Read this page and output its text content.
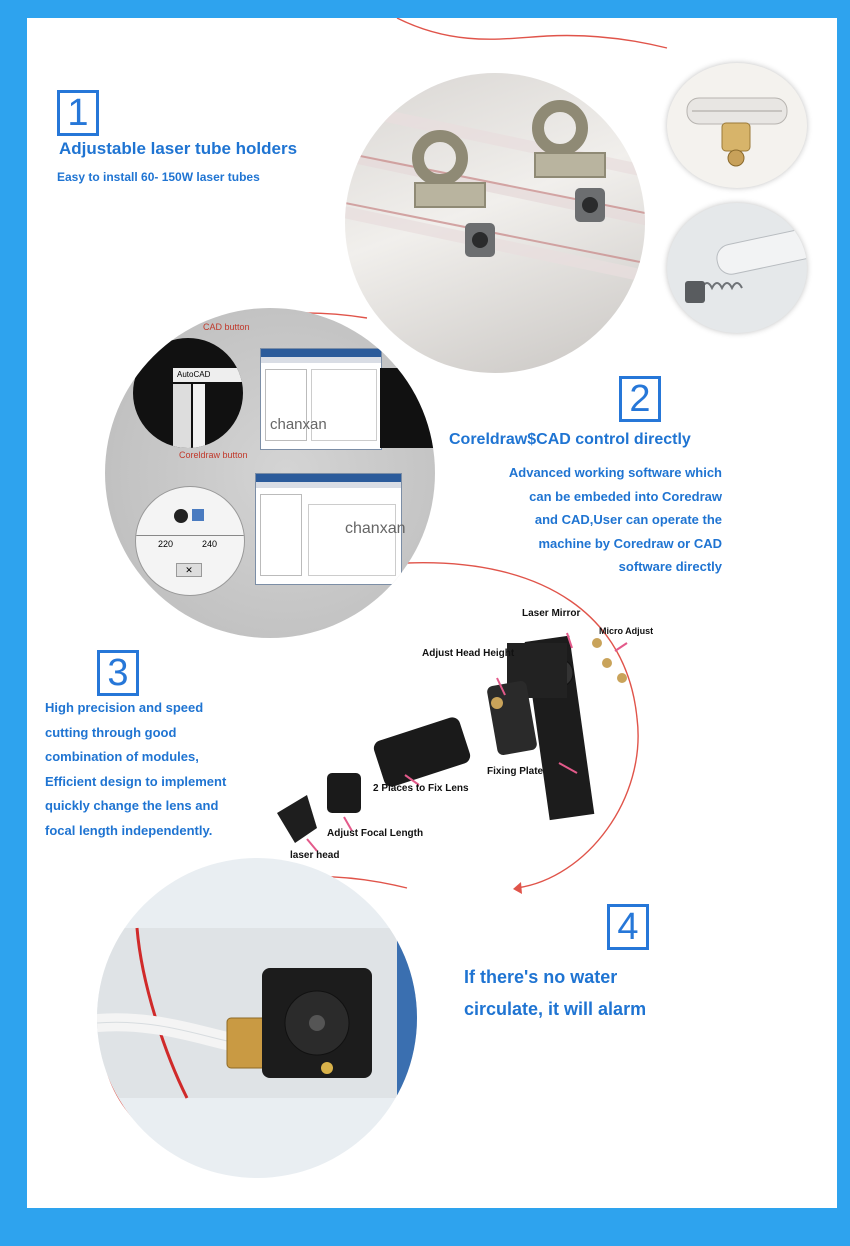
1
Adjustable laser tube holders
Easy to install 60- 150W laser tubes
AutoCAD
CAD button
Coreldraw button
chanxan
220	240
✕
chanxan
2
Coreldraw$CAD control directly
Advanced working software which
can be embeded into Coredraw
and CAD,User can operate the
machine by Coredraw or CAD
software directly
3
High precision and speed
cutting through good
combination of modules,
Efficient design to implement
quickly change the lens and
focal length independently.
Laser Mirror
Micro Adjust
Adjust Head Height
Fixing Plate
2 Places to Fix Lens
Adjust Focal Length
laser head
4
If there's no water
circulate, it will alarm
